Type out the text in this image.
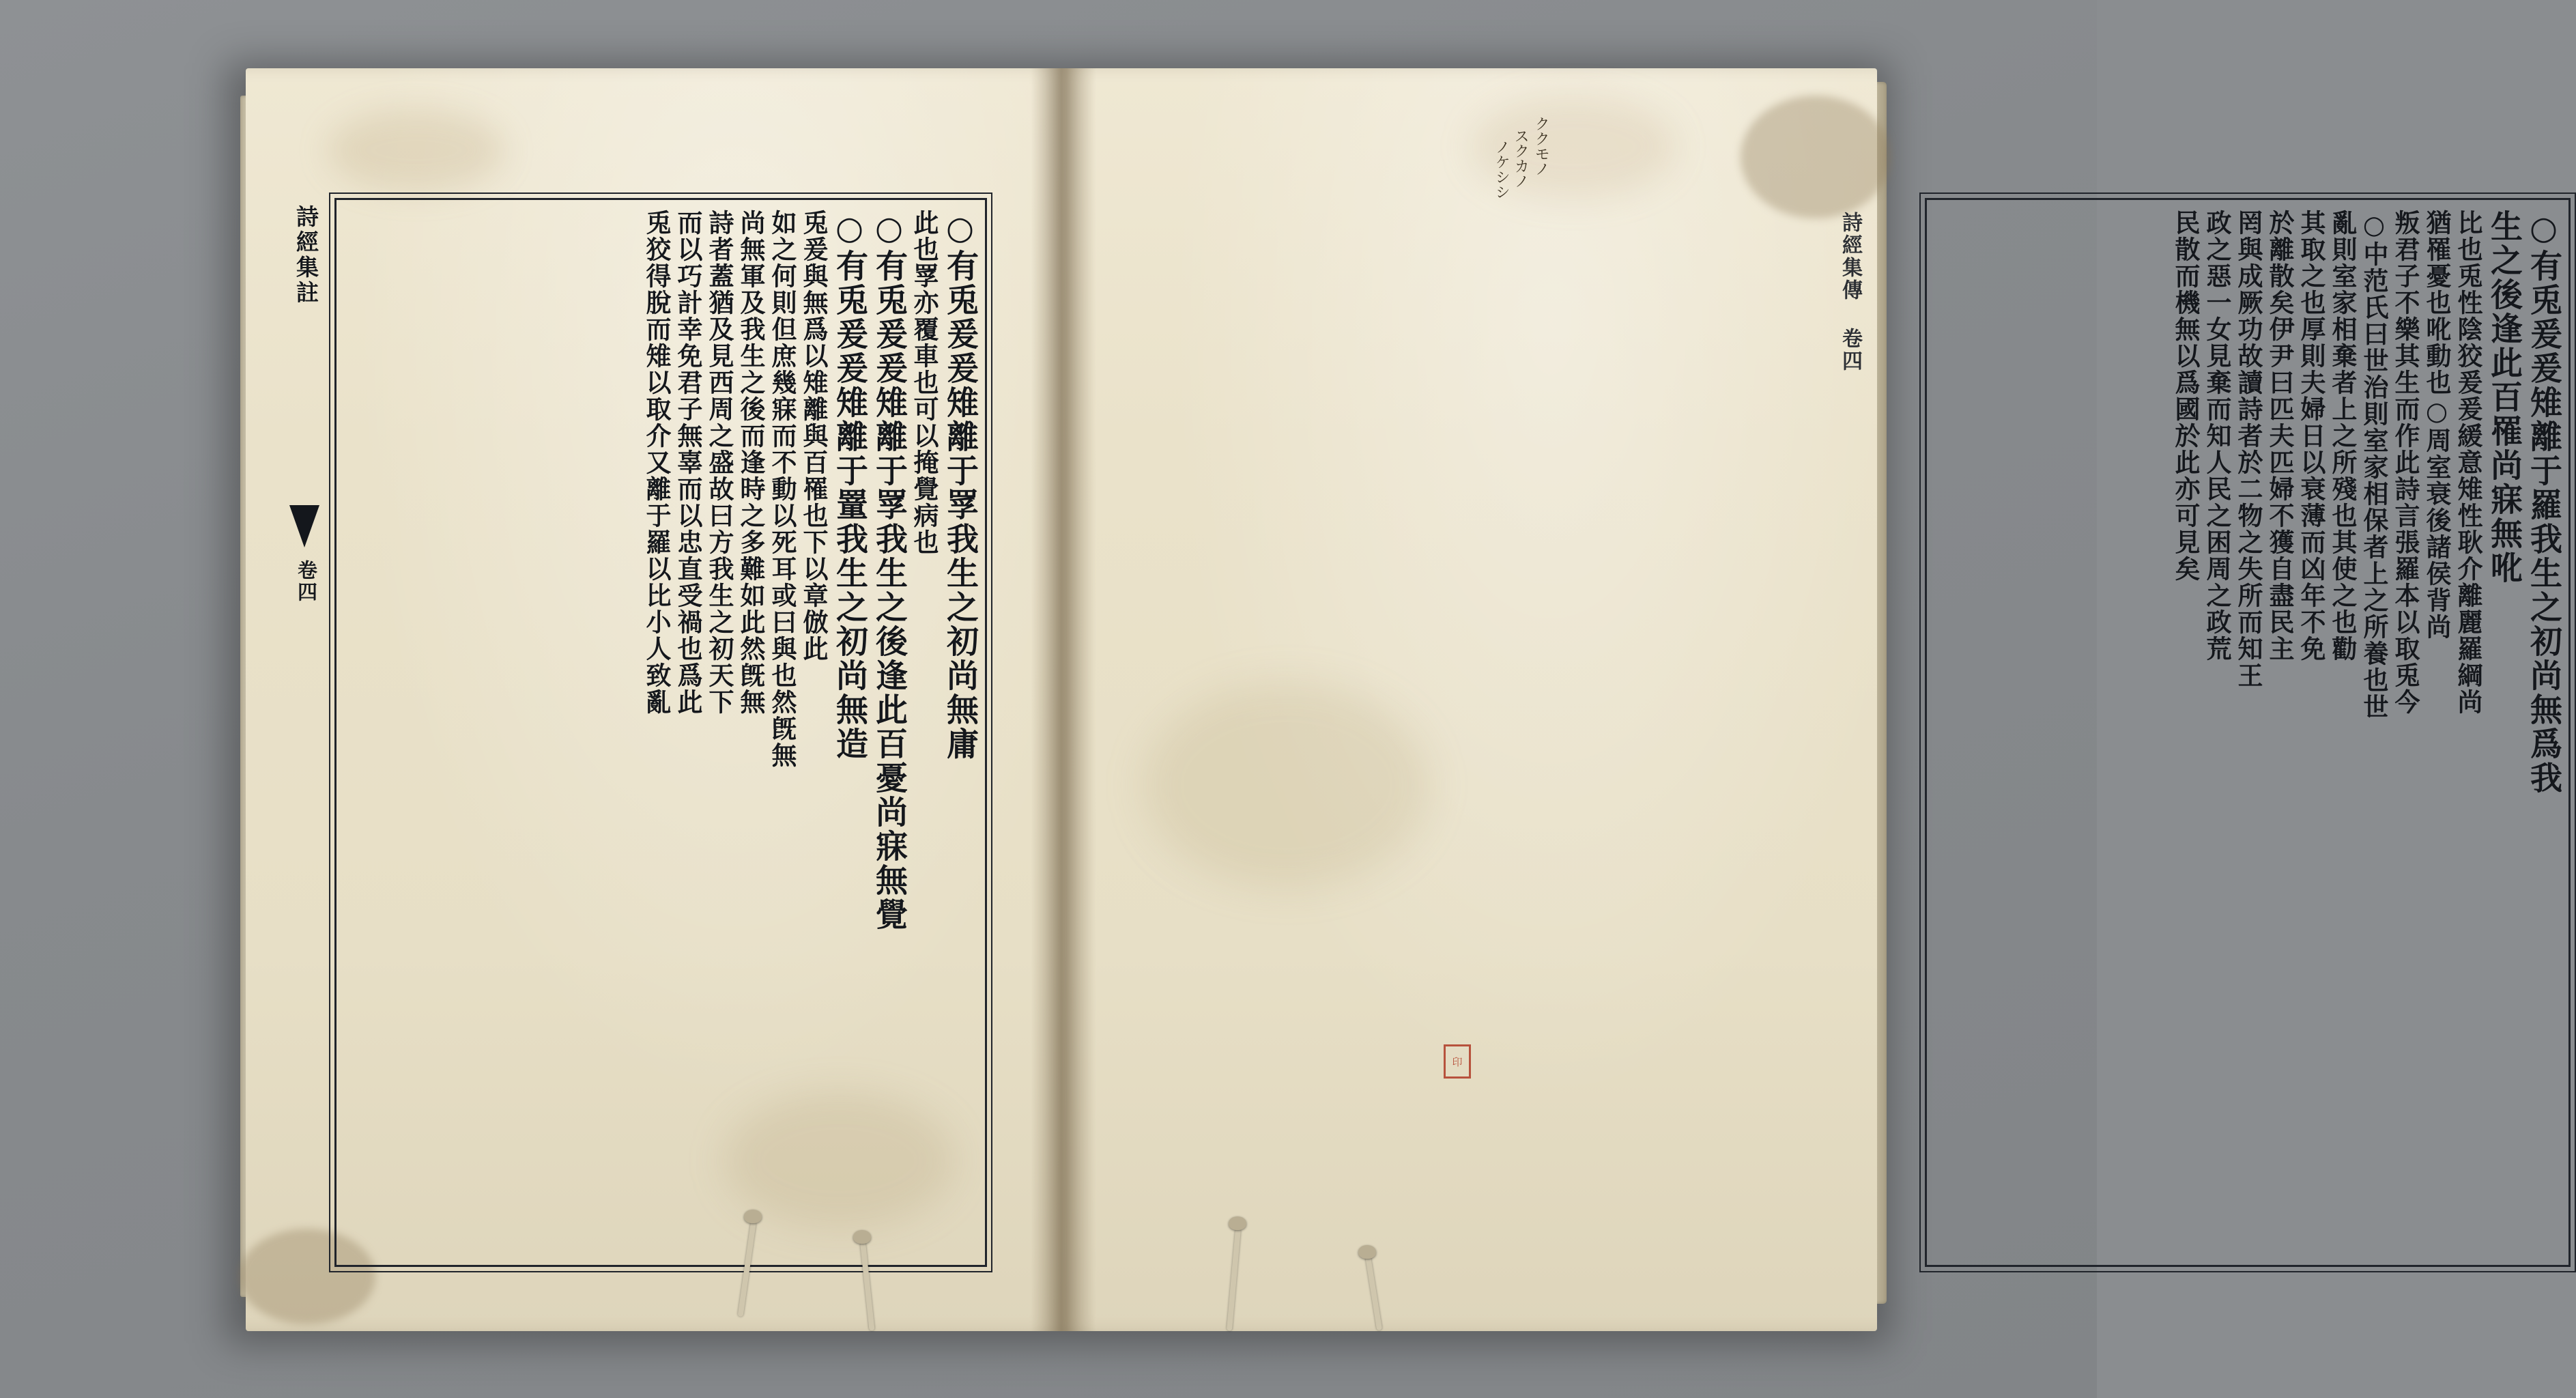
詩經集註
卷四	○有兎爰爰雉離于罦我生之初尚無庸
此也罦亦覆車也可以掩覺病也
○有兎爰爰雉離于罦我生之後逢此百憂尚寐無覺
○有兎爰爰雉離于罿我生之初尚無造
兎爰與無爲以雉離與百罹也下以章倣此
如之何則但庶幾寐而不動以死耳或曰與也然旣無
尚無軍及我生之後而逢時之多難如此然旣無
詩者蓋猶及見西周之盛故曰方我生之初天下
而以巧計幸免君子無辜而以忠直受禍也爲此
兎狡得脫而雉以取介又離于羅以比小人致亂	詩經集傳 卷四
ククモノ
スクカノ
ノケシシ
印
○有兎爰爰雉離于羅我生之初尚無爲我
生之後逢此百罹尚寐無吪
比也兎性陰狡爰爰緩意雉性耿介離麗羅綱尚
猶罹憂也吪動也○周室衰後諸侯背尚
叛君子不樂其生而作此詩言張羅本以取兎今
○中范氏曰世治則室家相保者上之所養也世
亂則室家相棄者上之所殘也其使之也勸
其取之也厚則夫婦日以衰薄而凶年不免
於離散矣伊尹曰匹夫匹婦不獲自盡民主
罔與成厥功故讀詩者於二物之失所而知王
政之惡一女見棄而知人民之困周之政荒
民散而機無以爲國於此亦可見矣
